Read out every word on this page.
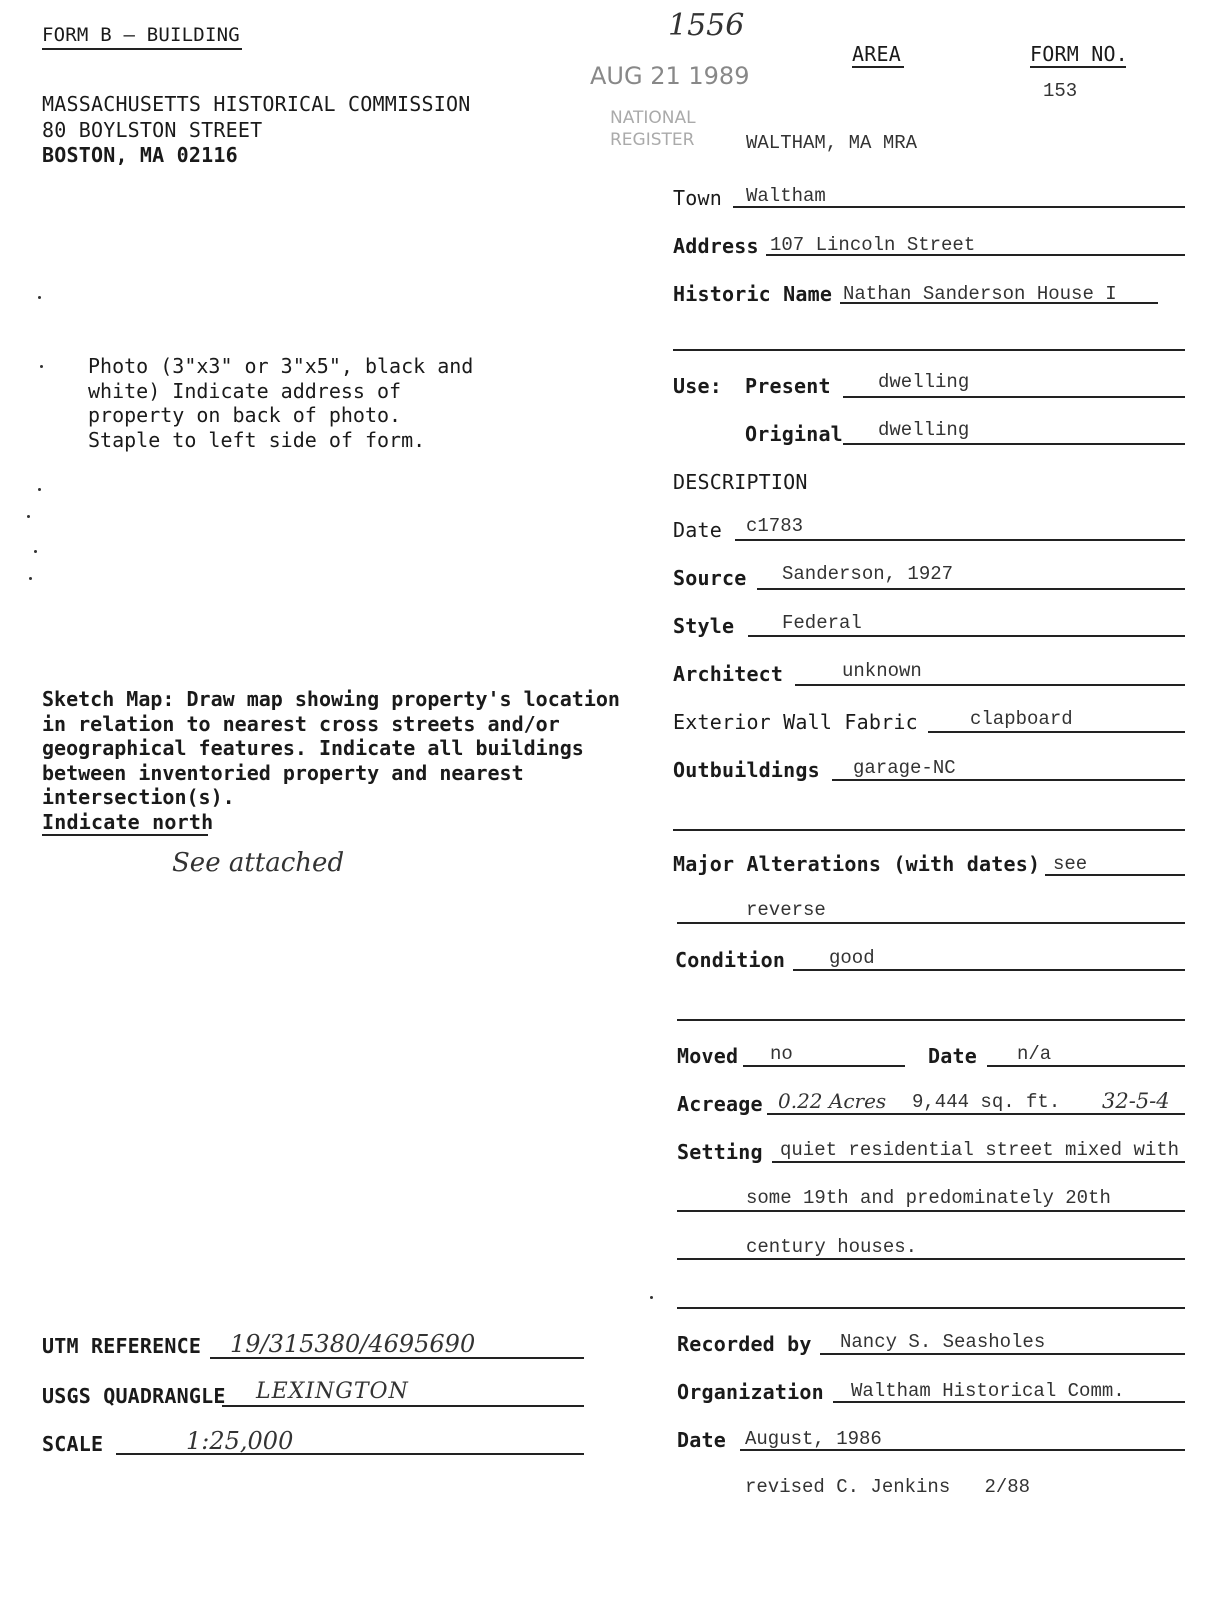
FORM B – BUILDING	1556
MASSACHUSETTS HISTORICAL COMMISSION
80 BOYLSTON STREET
BOSTON, MA 02116
AUG 21 1989
NATIONAL
REGISTER
AREA	FORM NO.
153
WALTHAM, MA MRA
Town Waltham
Address 107 Lincoln Street
Historic Name Nathan Sanderson House I
Use: Present dwelling
Original dwelling
DESCRIPTION
Date c1783
Source Sanderson, 1927
Style	Federal
Architect	unknown
Exterior Wall Fabric	clapboard
Outbuildings garage-NC
Major Alterations (with dates) see
reverse
Condition good
Moved no	Date n/a
Acreage 0.22 Acres 9,444 sq. ft. 32-5-4
Setting quiet residential street mixed with
some 19th and predominately 20th
century houses.
Recorded by Nancy S. Seasholes
Organization Waltham Historical Comm.
Date August, 1986
revised C. Jenkins   2/88
Photo (3"x3" or 3"x5", black and white) Indicate address of property on back of photo. Staple to left side of form.
Sketch Map: Draw map showing property's location in relation to nearest cross streets and/or geographical features. Indicate all buildings between inventoried property and nearest intersection(s).
Indicate north
See attached
UTM REFERENCE 19/315380/4695690
USGS QUADRANGLE LEXINGTON
SCALE	1:25,000
